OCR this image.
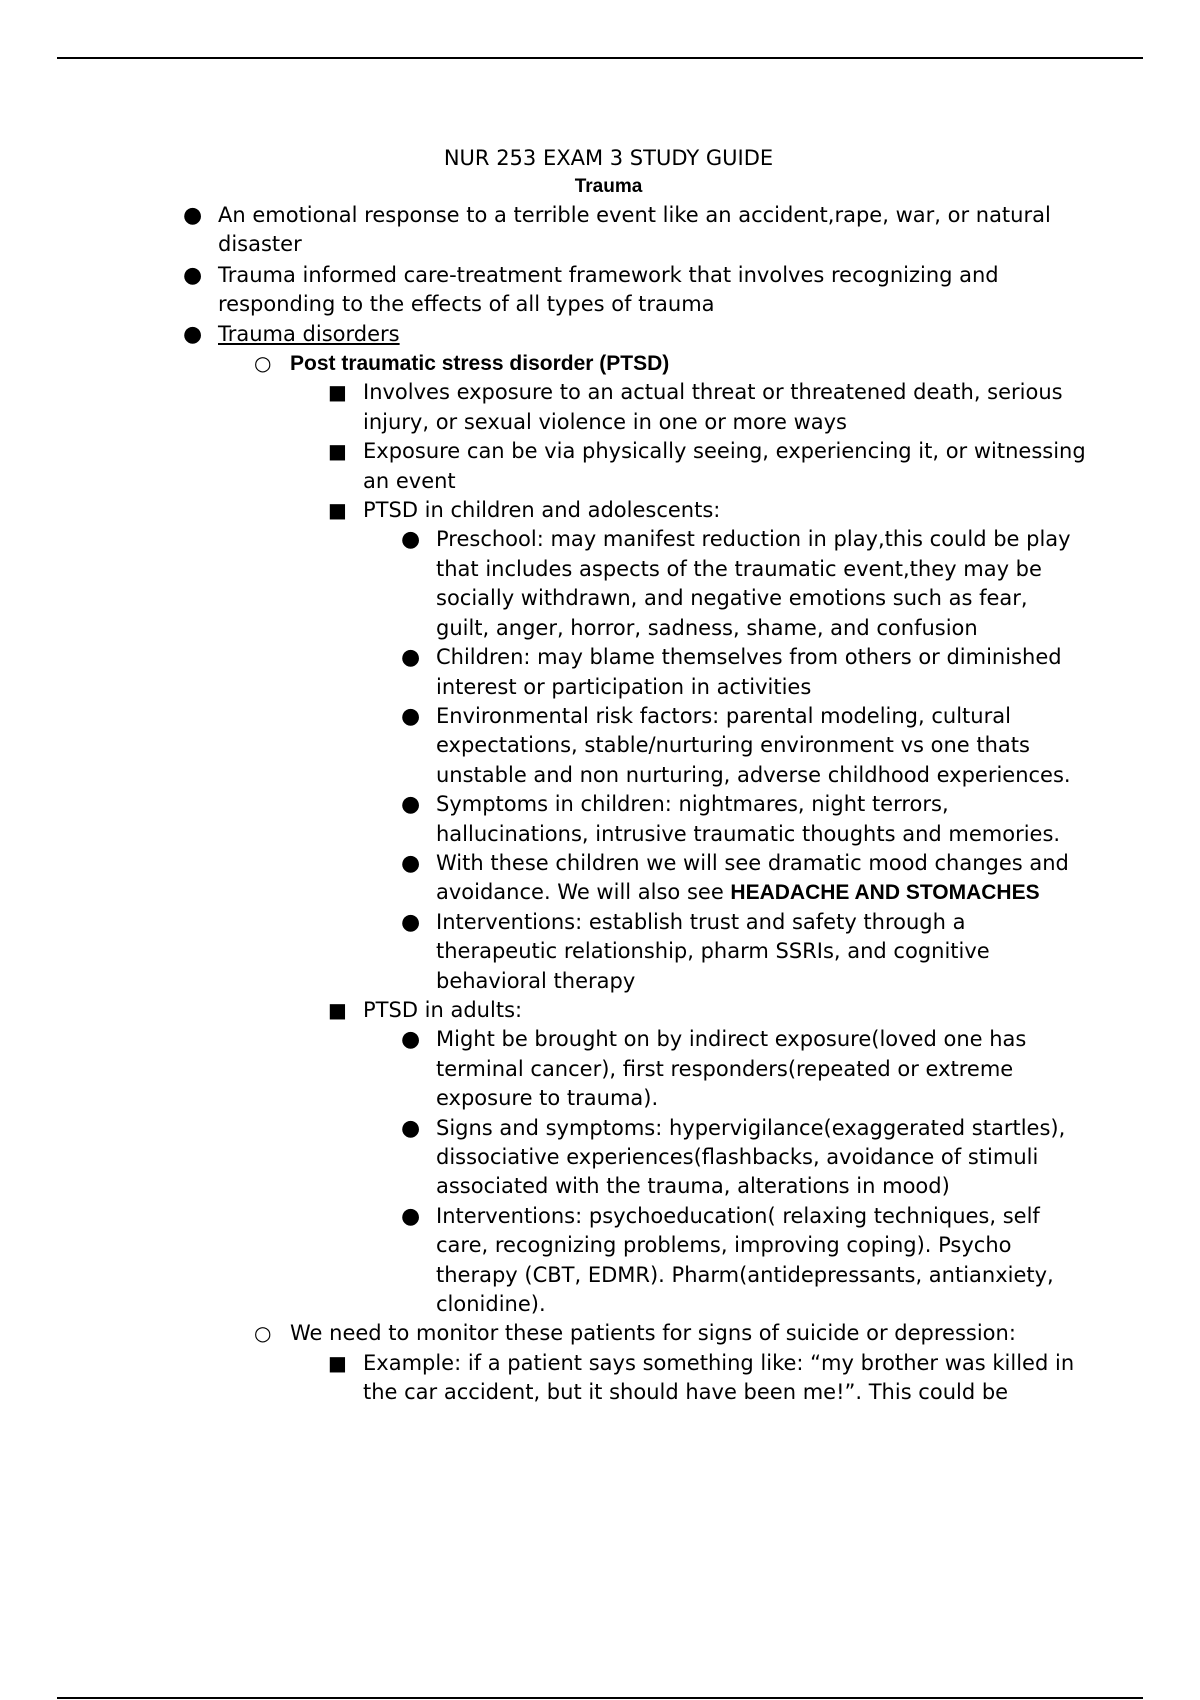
NUR 253 EXAM 3 STUDY GUIDE
Trauma
● An emotional response to a terrible event like an accident,rape, war, or natural disaster
● Trauma informed care-treatment framework that involves recognizing and responding to the effects of all types of trauma
● Trauma disorders
○ Post traumatic stress disorder (PTSD)
■ Involves exposure to an actual threat or threatened death, serious injury, or sexual violence in one or more ways
■ Exposure can be via physically seeing, experiencing it, or witnessing an event
■ PTSD in children and adolescents:
● Preschool: may manifest reduction in play,this could be play that includes aspects of the traumatic event,they may be socially withdrawn, and negative emotions such as fear, guilt, anger, horror, sadness, shame, and confusion
● Children: may blame themselves from others or diminished interest or participation in activities
● Environmental risk factors: parental modeling, cultural expectations, stable/nurturing environment vs one thats unstable and non nurturing, adverse childhood experiences.
● Symptoms in children: nightmares, night terrors, hallucinations, intrusive traumatic thoughts and memories.
● With these children we will see dramatic mood changes and avoidance. We will also see HEADACHE AND STOMACHES
● Interventions: establish trust and safety through a therapeutic relationship, pharm SSRIs, and cognitive behavioral therapy
■ PTSD in adults:
● Might be brought on by indirect exposure(loved one has terminal cancer), first responders(repeated or extreme exposure to trauma).
● Signs and symptoms: hypervigilance(exaggerated startles), dissociative experiences(flashbacks, avoidance of stimuli associated with the trauma, alterations in mood)
● Interventions: psychoeducation( relaxing techniques, self care, recognizing problems, improving coping). Psycho therapy (CBT, EDMR). Pharm(antidepressants, antianxiety, clonidine).
○ We need to monitor these patients for signs of suicide or depression:
■ Example: if a patient says something like: “my brother was killed in the car accident, but it should have been me!”. This could be
